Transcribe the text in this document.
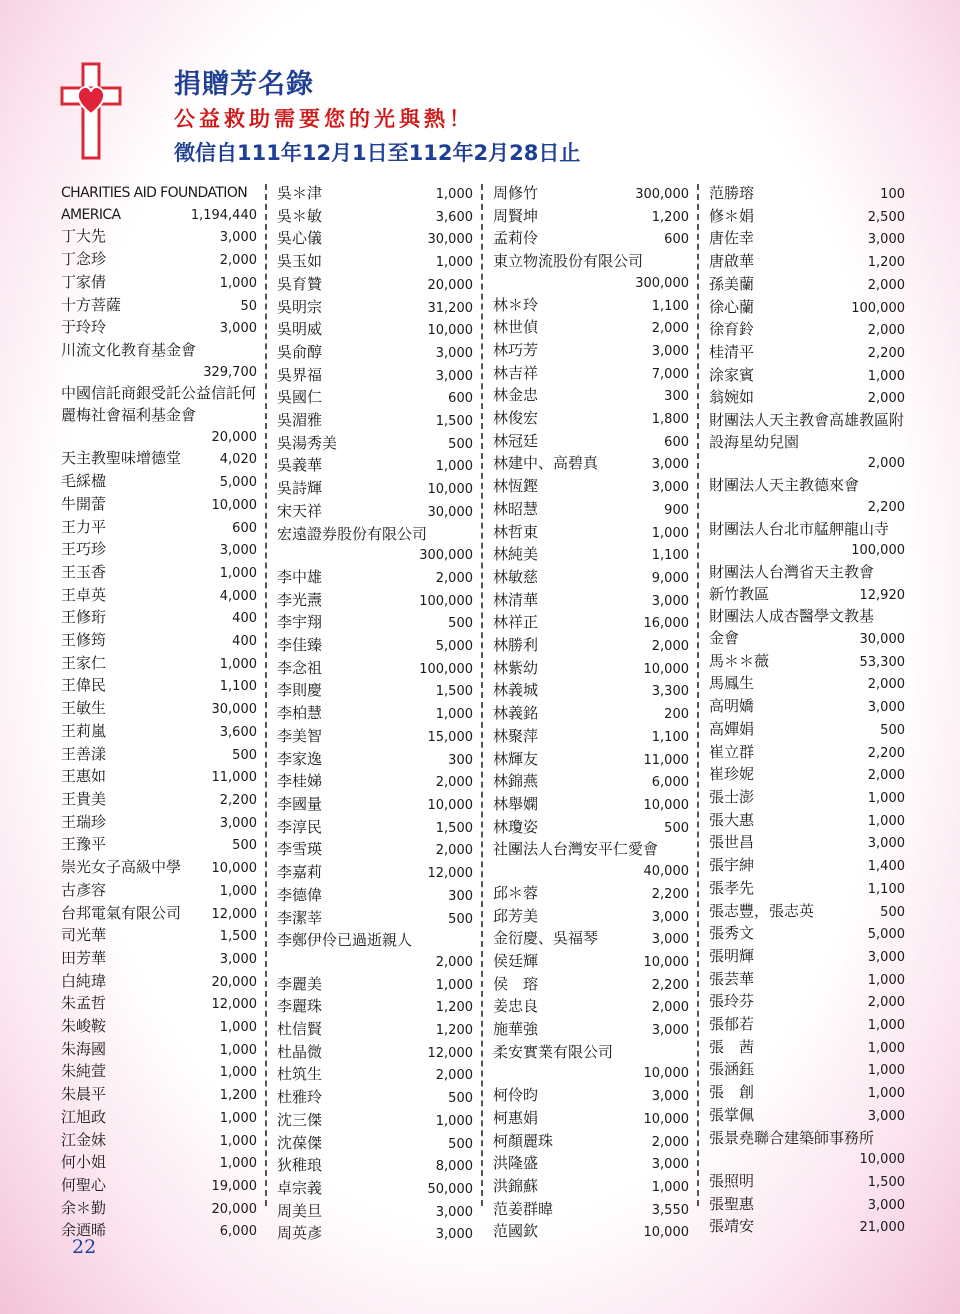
捐贈芳名錄
公益救助需要您的光與熱！
徵信自111年12月1日至112年2月28日止
CHARITIES AID FOUNDATION
AMERICA	1,194,440
丁大先	3,000
丁念珍	2,000
丁家倩	1,000
十方菩薩	50
于玲玲	3,000
川流文化教育基金會
329,700
中國信託商銀受託公益信託何麗梅社會福利基金會
20,000
天主教聖味增德堂	4,020
毛綵楹	5,000
牛開蕾	10,000
王力平	600
王巧珍	3,000
王玉香	1,000
王卓英	4,000
王修珩	400
王修筠	400
王家仁	1,000
王偉民	1,100
王敏生	30,000
王莉嵐	3,600
王善漾	500
王惠如	11,000
王貴美	2,200
王瑞珍	3,000
王豫平	500
崇光女子高級中學 10,000
古彥容	1,000
台邦電氣有限公司 12,000
司光華	1,500
田芳華	3,000
白純瑋	20,000
朱孟哲	12,000
朱峻鞍	1,000
朱海國	1,000
朱純萱	1,000
朱晨平	1,200
江旭政	1,000
江金妹	1,000
何小姐	1,000
何聖心	19,000
余＊勤	20,000
余迺晞	6,000
吳＊津	1,000
吳＊敏	3,600
吳心儀	30,000
吳玉如	1,000
吳育贊	20,000
吳明宗	31,200
吳明威	10,000
吳俞醇	3,000
吳界福	3,000
吳國仁	600
吳湄雅	1,500
吳湯秀美	500
吳義華	1,000
吳詩輝	10,000
宋天祥	30,000
宏遠證券股份有限公司
300,000
李中雄	2,000
李光燾	100,000
李宇翔	500
李佳臻	5,000
李念祖	100,000
李則慶	1,500
李柏慧	1,000
李美智	15,000
李家逸	300
李桂娣	2,000
李國量	10,000
李淳民	1,500
李雪瑛	2,000
李嘉莉	12,000
李德偉	300
李潔莘	500
李鄭伊伶已過逝親人
2,000
李麗美	1,000
李麗珠	1,200
杜信賢	1,200
杜晶微	12,000
杜筑生	2,000
杜雅玲	500
沈三傑	1,000
沈葆傑	500
狄稚琅	8,000
卓宗義	50,000
周美旦	3,000
周英彥	3,000
周修竹	300,000
周賢坤	1,200
孟莉伶	600
東立物流股份有限公司
300,000
林＊玲	1,100
林世偵	2,000
林巧芳	3,000
林吉祥	7,000
林金忠	300
林俊宏	1,800
林冠廷	600
林建中、高碧真	3,000
林恆鏗	3,000
林昭慧	900
林哲東	1,000
林純美	1,100
林敏慈	9,000
林清華	3,000
林祥正	16,000
林勝利	2,000
林紫幼	10,000
林義城	3,300
林義銘	200
林聚萍	1,100
林輝友	11,000
林錦燕	6,000
林舉嫻	10,000
林瓊姿	500
社團法人台灣安平仁愛會
40,000
邱＊蓉	2,200
邱芳美	3,000
金衍慶、吳福琴	3,000
侯廷輝	10,000
侯　瑢	2,200
姜忠良	2,000
施華強	3,000
柔安實業有限公司
10,000
柯伶昀	3,000
柯惠娟	10,000
柯顏麗珠	2,000
洪隆盛	3,000
洪錦蘇	1,000
范姜群暐	3,550
范國欽	10,000
范勝瑢	100
修＊娟	2,500
唐佐幸	3,000
唐啟華	1,200
孫美蘭	2,000
徐心蘭	100,000
徐育鈴	2,000
桂清平	2,200
涂家賓	1,000
翁婉如	2,000
財團法人天主教會高雄教區附設海星幼兒園
2,000
財團法人天主教德來會
2,200
財團法人台北市艋舺龍山寺
100,000
財團法人台灣省天主教會
新竹教區	12,920
財團法人成杏醫學文教基
金會	30,000
馬＊＊薇	53,300
馬鳳生	2,000
高明嬌	3,000
高嬋娟	500
崔立群	2,200
崔珍妮	2,000
張士澎	1,000
張大惠	1,000
張世昌	3,000
張宇紳	1,400
張孝先	1,100
張志豐，張志英	500
張秀文	5,000
張明輝	3,000
張芸華	1,000
張玲芬	2,000
張郁若	1,000
張　茜	1,000
張涵鈺	1,000
張　創	1,000
張掌佩	3,000
張景堯聯合建築師事務所
10,000
張照明	1,500
張聖惠	3,000
張靖安	21,000
22
